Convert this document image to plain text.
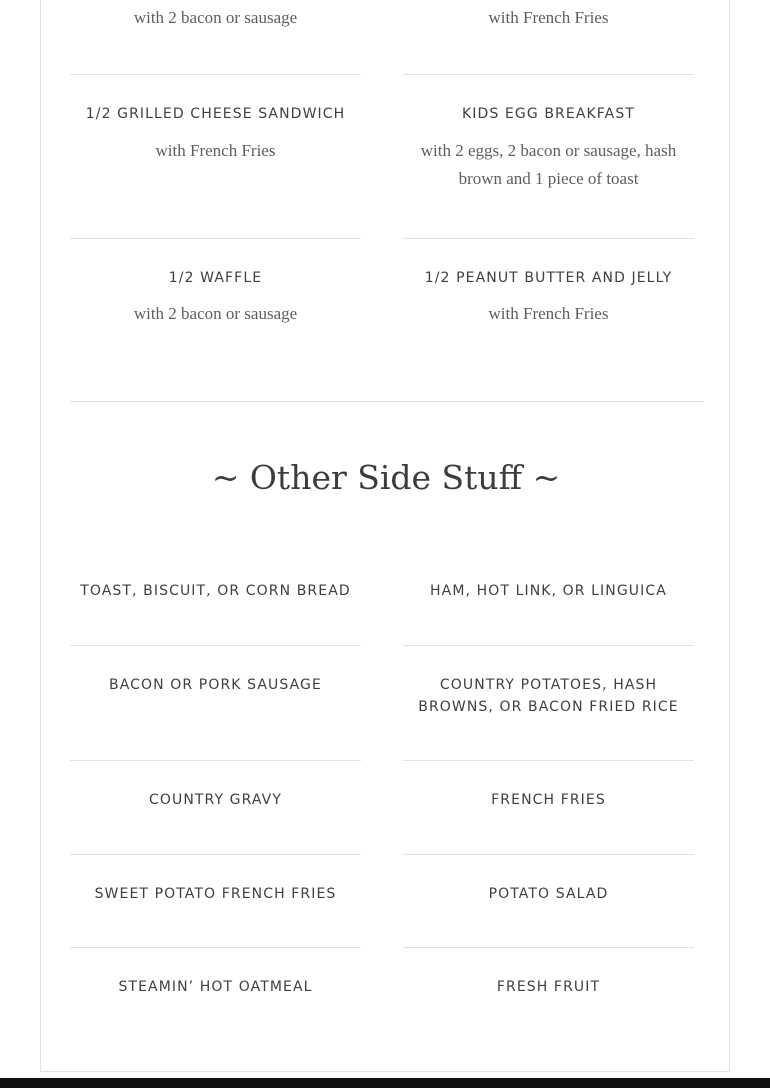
with 2 bacon or sausage	with French Fries
1/2 GRILLED CHEESE SANDWICH
with French Fries
KIDS EGG BREAKFAST
with 2 eggs, 2 bacon or sausage, hash brown and 1 piece of toast
1/2 WAFFLE
with 2 bacon or sausage
1/2 PEANUT BUTTER AND JELLY
with French Fries
~ Other Side Stuff ~
TOAST, BISCUIT, OR CORN BREAD	HAM, HOT LINK, OR LINGUICA
BACON OR PORK SAUSAGE	COUNTRY POTATOES, HASH BROWNS, OR BACON FRIED RICE
COUNTRY GRAVY	FRENCH FRIES
SWEET POTATO FRENCH FRIES	POTATO SALAD
STEAMIN’ HOT OATMEAL	FRESH FRUIT
